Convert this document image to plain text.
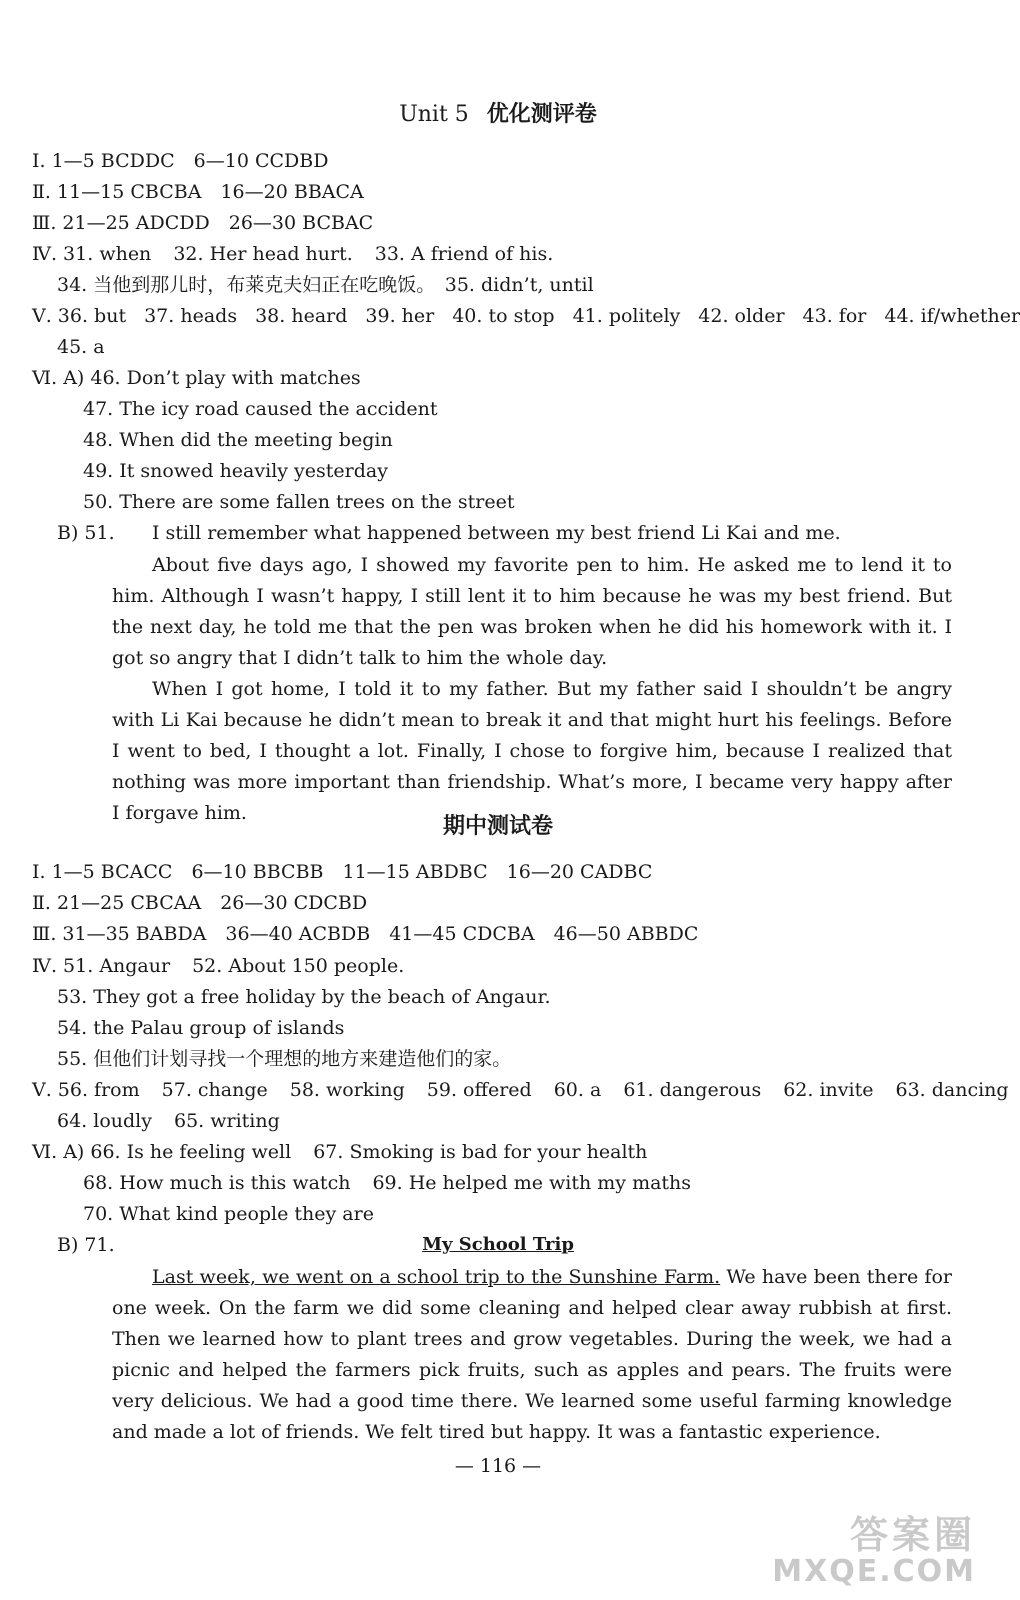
Unit 5 优化测评卷

Ⅰ. 1—5 BCDDC　6—10 CCDBD

Ⅱ. 11—15 CBCBA　16—20 BBACA

Ⅲ. 21—25 ADCDD　26—30 BCBAC

Ⅳ. 31. when 32. Her head hurt. 33. A friend of his.

34. 当他到那儿时，布莱克夫妇正在吃晚饭。　35. didn’t, until

Ⅴ. 36. but 37. heads 38. heard 39. her 40. to stop 41. politely 42. older 43. for 44. if/whether

45. a

Ⅵ. A) 46. Don’t play with matches

47. The icy road caused the accident

48. When did the meeting begin

49. It snowed heavily yesterday

50. There are some fallen trees on the street

B) 51. I still remember what happened between my best friend Li Kai and me.

About five days ago, I showed my favorite pen to him. He asked me to lend it to him. Although I wasn’t happy, I still lent it to him because he was my best friend. But the next day, he told me that the pen was broken when he did his homework with it. I got so angry that I didn’t talk to him the whole day.

When I got home, I told it to my father. But my father said I shouldn’t be angry with Li Kai because he didn’t mean to break it and that might hurt his feelings. Before I went to bed, I thought a lot. Finally, I chose to forgive him, because I realized that nothing was more important than friendship. What’s more, I became very happy after I forgave him.

期中测试卷

Ⅰ. 1—5 BCACC　6—10 BBCBB　11—15 ABDBC　16—20 CADBC

Ⅱ. 21—25 CBCAA　26—30 CDCBD

Ⅲ. 31—35 BABDA　36—40 ACBDB　41—45 CDCBA　46—50 ABBDC

Ⅳ. 51. Angaur 52. About 150 people.

53. They got a free holiday by the beach of Angaur.

54. the Palau group of islands

55. 但他们计划寻找一个理想的地方来建造他们的家。

Ⅴ. 56. from 57. change 58. working 59. offered 60. a 61. dangerous 62. invite 63. dancing

64. loudly 65. writing

Ⅵ. A) 66. Is he feeling well 67. Smoking is bad for your health

68. How much is this watch 69. He helped me with my maths

70. What kind people they are

B) 71.	My School Trip

Last week, we went on a school trip to the Sunshine Farm. We have been there for one week. On the farm we did some cleaning and helped clear away rubbish at first. Then we learned how to plant trees and grow vegetables. During the week, we had a picnic and helped the farmers pick fruits, such as apples and pears. The fruits were very delicious. We had a good time there. We learned some useful farming knowledge and made a lot of friends. We felt tired but happy. It was a fantastic experience.

— 116 —

答案圈
MXQE.COM
